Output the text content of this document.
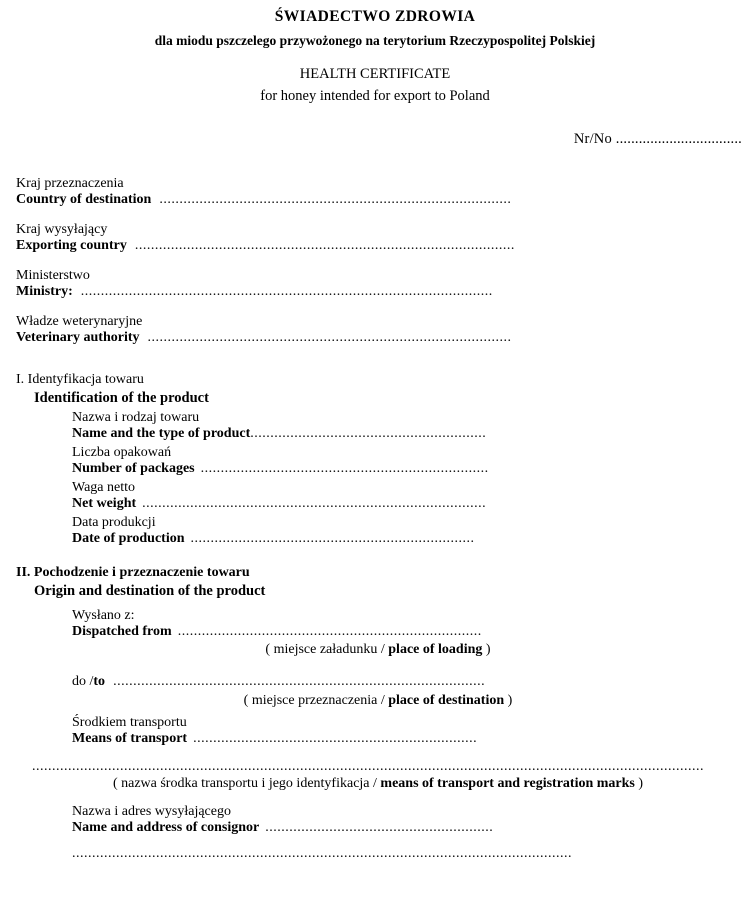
ŚWIADECTWO ZDROWIA
dla miodu pszczelego przywożonego na terytorium Rzeczypospolitej Polskiej
HEALTH CERTIFICATE
for honey intended for export to Poland
Nr/No .................................
Kraj przeznaczenia
Country of destination ........................................................................................
Kraj wysyłający
Exporting country ...............................................................................................
Ministerstwo
Ministry: .......................................................................................................
Władze weterynaryjne
Veterinary authority ...........................................................................................
I. Identyfikacja towaru
Identification of the product
Nazwa i rodzaj towaru
Name and the type of product ...........................................................
Liczba opakowań
Number of packages ........................................................................
Waga netto
Net weight ......................................................................................
Data produkcji
Date of production .......................................................................
II. Pochodzenie i przeznaczenie towaru
Origin and destination of the product
Wysłano z:
Dispatched from ............................................................................
( miejsce załadunku / place of loading )
do / to .............................................................................................
( miejsce przeznaczenia / place of destination )
Środkiem transportu
Means of transport .......................................................................
........................................................................................................................................................................
( nazwa środka transportu i jego identyfikacja / means of transport and registration marks )
Nazwa i adres wysyłającego
Name and address of consignor .........................................................
.............................................................................................................................
